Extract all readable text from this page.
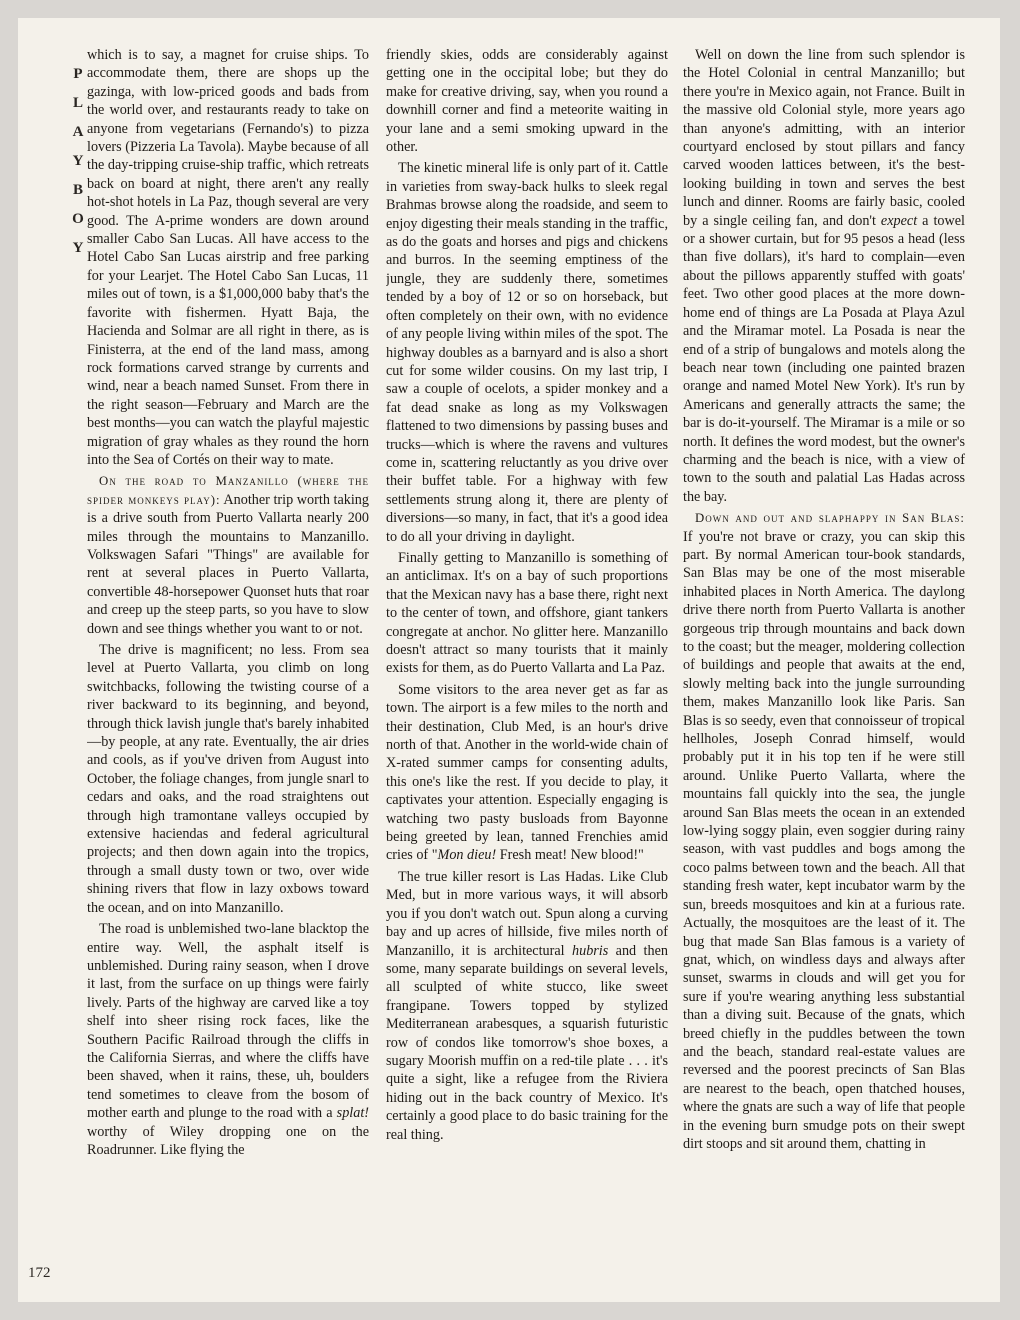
P
L
A
Y
B
O
Y
172

which is to say, a magnet for cruise ships. To accommodate them, there are shops up the gazinga, with low-priced goods and bads from the world over, and restaurants ready to take on anyone from vegetarians (Fernando's) to pizza lovers (Pizzeria La Tavola). Maybe because of all the day-tripping cruise-ship traffic, which retreats back on board at night, there aren't any really hot-shot hotels in La Paz, though several are very good. The A-prime wonders are down around smaller Cabo San Lucas. All have access to the Hotel Cabo San Lucas airstrip and free parking for your Learjet. The Hotel Cabo San Lucas, 11 miles out of town, is a $1,000,000 baby that's the favorite with fishermen. Hyatt Baja, the Hacienda and Solmar are all right in there, as is Finisterra, at the end of the land mass, among rock formations carved strange by currents and wind, near a beach named Sunset. From there in the right season—February and March are the best months—you can watch the playful majestic migration of gray whales as they round the horn into the Sea of Cortés on their way to mate.

On the road to Manzanillo (where the spider monkeys play): Another trip worth taking is a drive south from Puerto Vallarta nearly 200 miles through the mountains to Manzanillo. Volkswagen Safari "Things" are available for rent at several places in Puerto Vallarta, convertible 48-horsepower Quonset huts that roar and creep up the steep parts, so you have to slow down and see things whether you want to or not.

The drive is magnificent; no less. From sea level at Puerto Vallarta, you climb on long switchbacks, following the twisting course of a river backward to its beginning, and beyond, through thick lavish jungle that's barely inhabited—by people, at any rate. Eventually, the air dries and cools, as if you've driven from August into October, the foliage changes, from jungle snarl to cedars and oaks, and the road straightens out through high tramontane valleys occupied by extensive haciendas and federal agricultural projects; and then down again into the tropics, through a small dusty town or two, over wide shining rivers that flow in lazy oxbows toward the ocean, and on into Manzanillo.

The road is unblemished two-lane blacktop the entire way. Well, the asphalt itself is unblemished. During rainy season, when I drove it last, from the surface on up things were fairly lively. Parts of the highway are carved like a toy shelf into sheer rising rock faces, like the Southern Pacific Railroad through the cliffs in the California Sierras, and where the cliffs have been shaved, when it rains, these, uh, boulders tend sometimes to cleave from the bosom of mother earth and plunge to the road with a splat! worthy of Wiley dropping one on the Roadrunner. Like flying the

friendly skies, odds are considerably against getting one in the occipital lobe; but they do make for creative driving, say, when you round a downhill corner and find a meteorite waiting in your lane and a semi smoking upward in the other.

The kinetic mineral life is only part of it. Cattle in varieties from sway-back hulks to sleek regal Brahmas browse along the roadside, and seem to enjoy digesting their meals standing in the traffic, as do the goats and horses and pigs and chickens and burros. In the seeming emptiness of the jungle, they are suddenly there, sometimes tended by a boy of 12 or so on horseback, but often completely on their own, with no evidence of any people living within miles of the spot. The highway doubles as a barnyard and is also a short cut for some wilder cousins. On my last trip, I saw a couple of ocelots, a spider monkey and a fat dead snake as long as my Volkswagen flattened to two dimensions by passing buses and trucks—which is where the ravens and vultures come in, scattering reluctantly as you drive over their buffet table. For a highway with few settlements strung along it, there are plenty of diversions—so many, in fact, that it's a good idea to do all your driving in daylight.

Finally getting to Manzanillo is something of an anticlimax. It's on a bay of such proportions that the Mexican navy has a base there, right next to the center of town, and offshore, giant tankers congregate at anchor. No glitter here. Manzanillo doesn't attract so many tourists that it mainly exists for them, as do Puerto Vallarta and La Paz.

Some visitors to the area never get as far as town. The airport is a few miles to the north and their destination, Club Med, is an hour's drive north of that. Another in the world-wide chain of X-rated summer camps for consenting adults, this one's like the rest. If you decide to play, it captivates your attention. Especially engaging is watching two pasty busloads from Bayonne being greeted by lean, tanned Frenchies amid cries of "Mon dieu! Fresh meat! New blood!"

The true killer resort is Las Hadas. Like Club Med, but in more various ways, it will absorb you if you don't watch out. Spun along a curving bay and up acres of hillside, five miles north of Manzanillo, it is architectural hubris and then some, many separate buildings on several levels, all sculpted of white stucco, like sweet frangipane. Towers topped by stylized Mediterranean arabesques, a squarish futuristic row of condos like tomorrow's shoe boxes, a sugary Moorish muffin on a red-tile plate . . . it's quite a sight, like a refugee from the Riviera hiding out in the back country of Mexico. It's certainly a good place to do basic training for the real thing.

Well on down the line from such splendor is the Hotel Colonial in central Manzanillo; but there you're in Mexico again, not France. Built in the massive old Colonial style, more years ago than anyone's admitting, with an interior courtyard enclosed by stout pillars and fancy carved wooden lattices between, it's the best-looking building in town and serves the best lunch and dinner. Rooms are fairly basic, cooled by a single ceiling fan, and don't expect a towel or a shower curtain, but for 95 pesos a head (less than five dollars), it's hard to complain—even about the pillows apparently stuffed with goats' feet. Two other good places at the more down-home end of things are La Posada at Playa Azul and the Miramar motel. La Posada is near the end of a strip of bungalows and motels along the beach near town (including one painted brazen orange and named Motel New York). It's run by Americans and generally attracts the same; the bar is do-it-yourself. The Miramar is a mile or so north. It defines the word modest, but the owner's charming and the beach is nice, with a view of town to the south and palatial Las Hadas across the bay.

Down and out and slaphappy in San Blas: If you're not brave or crazy, you can skip this part. By normal American tour-book standards, San Blas may be one of the most miserable inhabited places in North America. The daylong drive there north from Puerto Vallarta is another gorgeous trip through mountains and back down to the coast; but the meager, moldering collection of buildings and people that awaits at the end, slowly melting back into the jungle surrounding them, makes Manzanillo look like Paris. San Blas is so seedy, even that connoisseur of tropical hellholes, Joseph Conrad himself, would probably put it in his top ten if he were still around. Unlike Puerto Vallarta, where the mountains fall quickly into the sea, the jungle around San Blas meets the ocean in an extended low-lying soggy plain, even soggier during rainy season, with vast puddles and bogs among the coco palms between town and the beach. All that standing fresh water, kept incubator warm by the sun, breeds mosquitoes and kin at a furious rate. Actually, the mosquitoes are the least of it. The bug that made San Blas famous is a variety of gnat, which, on windless days and always after sunset, swarms in clouds and will get you for sure if you're wearing anything less substantial than a diving suit. Because of the gnats, which breed chiefly in the puddles between the town and the beach, standard real-estate values are reversed and the poorest precincts of San Blas are nearest to the beach, open thatched houses, where the gnats are such a way of life that people in the evening burn smudge pots on their swept dirt stoops and sit around them, chatting in
